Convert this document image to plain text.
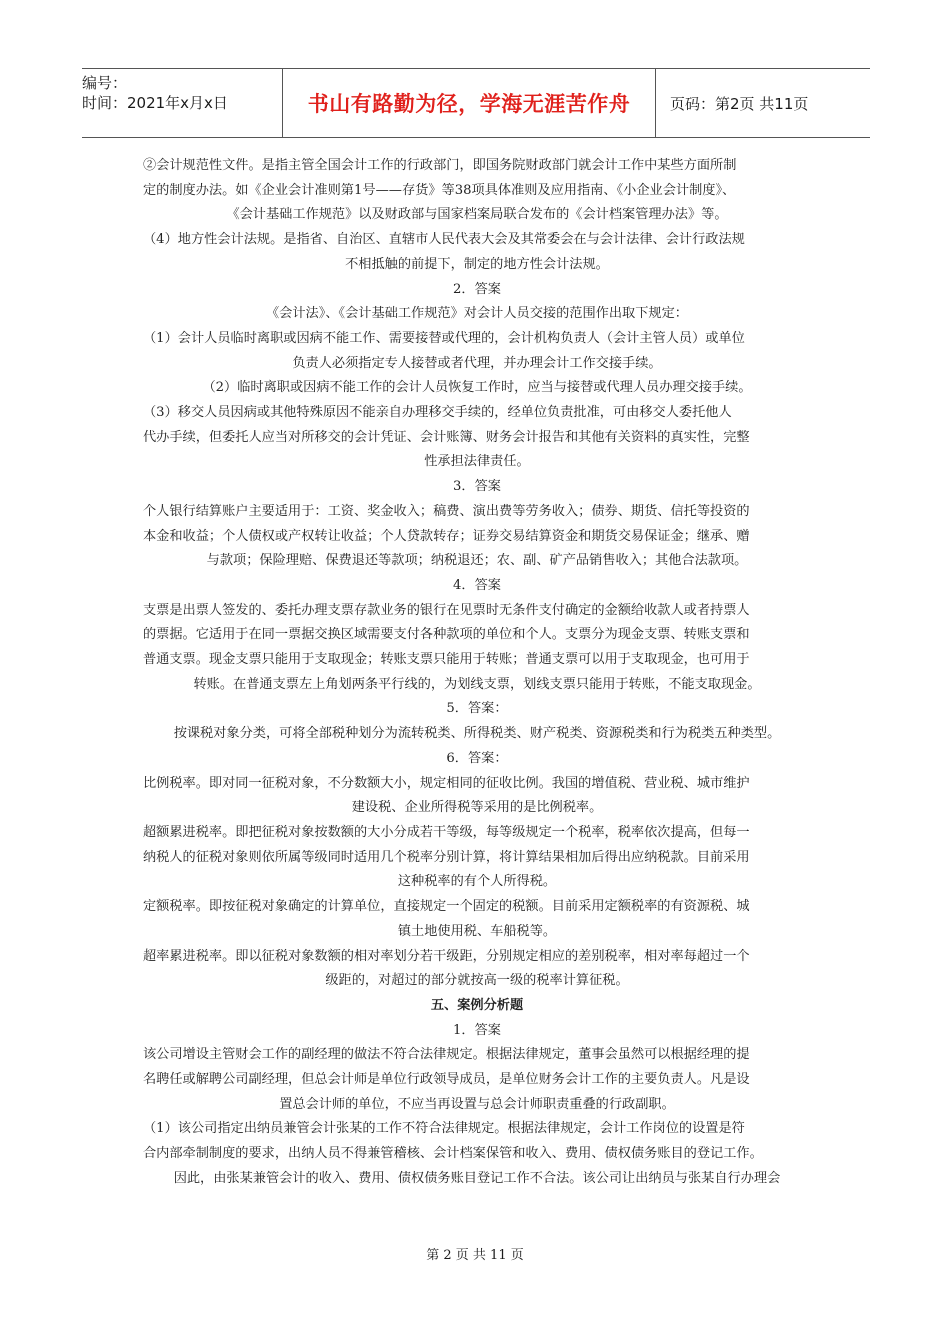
编号：
时间：2021年x月x日	书山有路勤为径，学海无涯苦作舟	页码：第2页 共11页

②会计规范性文件。是指主管全国会计工作的行政部门，即国务院财政部门就会计工作中某些方面所制

定的制度办法。如《企业会计准则第1号——存货》等38项具体准则及应用指南、《小企业会计制度》、

《会计基础工作规范》以及财政部与国家档案局联合发布的《会计档案管理办法》等。

（4）地方性会计法规。是指省、自治区、直辖市人民代表大会及其常委会在与会计法律、会计行政法规

不相抵触的前提下，制定的地方性会计法规。

2．答案

《会计法》、《会计基础工作规范》对会计人员交接的范围作出取下规定：

（1）会计人员临时离职或因病不能工作、需要接替或代理的，会计机构负责人（会计主管人员）或单位

负责人必须指定专人接替或者代理，并办理会计工作交接手续。

（2）临时离职或因病不能工作的会计人员恢复工作时，应当与接替或代理人员办理交接手续。

（3）移交人员因病或其他特殊原因不能亲自办理移交手续的，经单位负责批准，可由移交人委托他人

代办手续，但委托人应当对所移交的会计凭证、会计账簿、财务会计报告和其他有关资料的真实性，完整

性承担法律责任。

3．答案

个人银行结算账户主要适用于：工资、奖金收入；稿费、演出费等劳务收入；债券、期货、信托等投资的

本金和收益；个人债权或产权转让收益；个人贷款转存；证券交易结算资金和期货交易保证金；继承、赠

与款项；保险理赔、保费退还等款项；纳税退还；农、副、矿产品销售收入；其他合法款项。

4．答案

支票是出票人签发的、委托办理支票存款业务的银行在见票时无条件支付确定的金额给收款人或者持票人

的票据。它适用于在同一票据交换区域需要支付各种款项的单位和个人。支票分为现金支票、转账支票和

普通支票。现金支票只能用于支取现金；转账支票只能用于转账；普通支票可以用于支取现金，也可用于

转账。在普通支票左上角划两条平行线的，为划线支票，划线支票只能用于转账，不能支取现金。

5．答案：

按课税对象分类，可将全部税种划分为流转税类、所得税类、财产税类、资源税类和行为税类五种类型。

6．答案：

比例税率。即对同一征税对象，不分数额大小，规定相同的征收比例。我国的增值税、营业税、城市维护

建设税、企业所得税等采用的是比例税率。

超额累进税率。即把征税对象按数额的大小分成若干等级，每等级规定一个税率，税率依次提高，但每一

纳税人的征税对象则依所属等级同时适用几个税率分别计算，将计算结果相加后得出应纳税款。目前采用

这种税率的有个人所得税。

定额税率。即按征税对象确定的计算单位，直接规定一个固定的税额。目前采用定额税率的有资源税、城

镇土地使用税、车船税等。

超率累进税率。即以征税对象数额的相对率划分若干级距，分别规定相应的差别税率，相对率每超过一个

级距的，对超过的部分就按高一级的税率计算征税。

五、案例分析题

1．答案

该公司增设主管财会工作的副经理的做法不符合法律规定。根据法律规定，董事会虽然可以根据经理的提

名聘任或解聘公司副经理，但总会计师是单位行政领导成员，是单位财务会计工作的主要负责人。凡是设

置总会计师的单位，不应当再设置与总会计师职责重叠的行政副职。

（1）该公司指定出纳员兼管会计张某的工作不符合法律规定。根据法律规定，会计工作岗位的设置是符

合内部牵制制度的要求，出纳人员不得兼管稽核、会计档案保管和收入、费用、债权债务账目的登记工作。

因此，由张某兼管会计的收入、费用、债权债务账目登记工作不合法。该公司让出纳员与张某自行办理会

第 2 页 共 11 页
